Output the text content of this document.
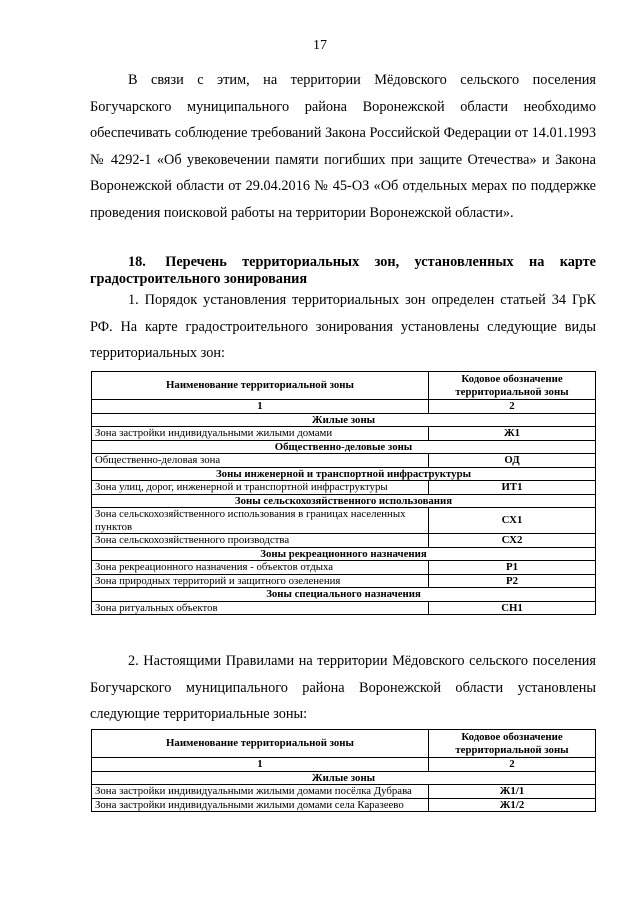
17

В связи с этим, на территории Мёдовского сельского поселения Богучарского муниципального района Воронежской области необходимо обеспечивать соблюдение требований Закона Российской Федерации от 14.01.1993 № 4292-1 «Об увековечении памяти погибших при защите Отечества» и Закона Воронежской области от 29.04.2016 № 45-ОЗ «Об отдельных мерах по поддержке проведения поисковой работы на территории Воронежской области».

18. Перечень территориальных зон, установленных на карте градостроительного зонирования

1. Порядок установления территориальных зон определен статьей 34 ГрК РФ. На карте градостроительного зонирования установлены следующие виды территориальных зон:

Наименование территориальной зоны	Кодовое обозначение территориальной зоны
1	2
Жилые зоны	
Зона застройки индивидуальными жилыми домами	Ж1
Общественно-деловые зоны	
Общественно-деловая зона	ОД
Зоны инженерной и транспортной инфраструктуры	
Зона улиц, дорог, инженерной и транспортной инфраструктуры	ИТ1
Зоны сельскохозяйственного использования	
Зона сельскохозяйственного использования в границах населенных пунктов	СХ1
Зона сельскохозяйственного производства	СХ2
Зоны рекреационного назначения	
Зона рекреационного назначения - объектов отдыха	Р1
Зона природных территорий и защитного озеленения	Р2
Зоны специального назначения	
Зона ритуальных объектов	СН1

2. Настоящими Правилами на территории Мёдовского сельского поселения Богучарского муниципального района Воронежской области установлены следующие территориальные зоны:

Наименование территориальной зоны	Кодовое обозначение территориальной зоны
1	2
Жилые зоны	
Зона застройки индивидуальными жилыми домами посёлка Дубрава	Ж1/1
Зона застройки индивидуальными жилыми домами села Каразеево	Ж1/2
